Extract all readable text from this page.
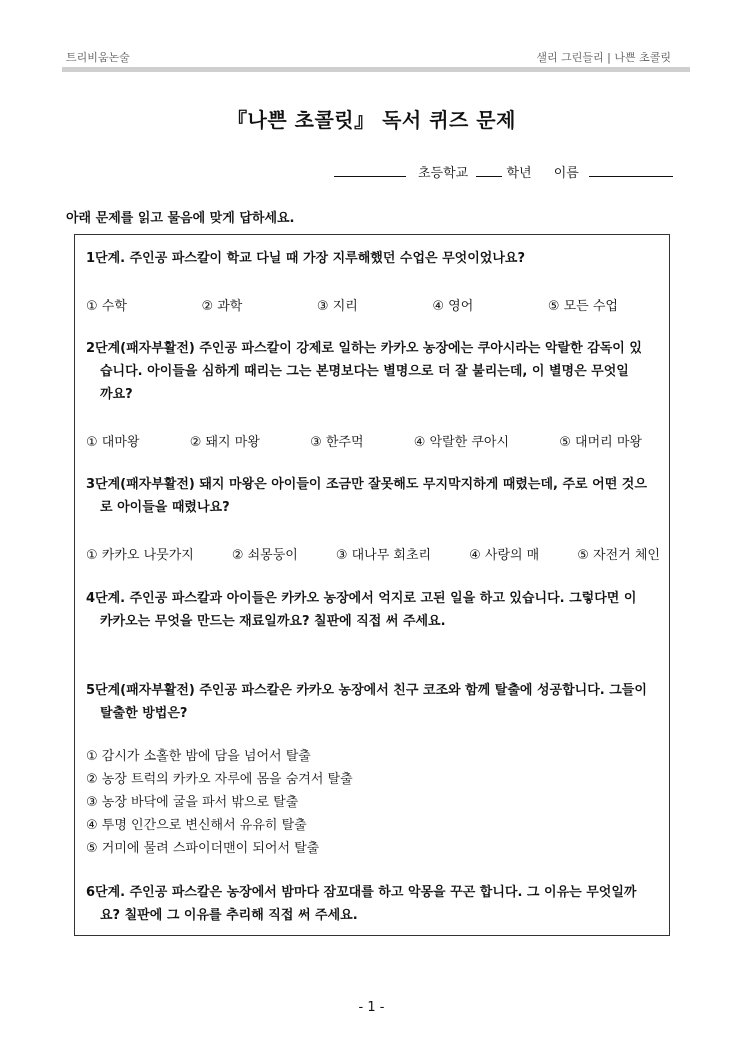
트리비움논술	샐리 그린들리 | 나쁜 초콜릿
『나쁜 초콜릿』 독서 퀴즈 문제
초등학교	학년 이름
아래 문제를 읽고 물음에 맞게 답하세요.
1단계. 주인공 파스칼이 학교 다닐 때 가장 지루해했던 수업은 무엇이었나요?
① 수학	② 과학	③ 지리	④ 영어	⑤ 모든 수업
2단계(패자부활전) 주인공 파스칼이 강제로 일하는 카카오 농장에는 쿠아시라는 악랄한 감독이 있
습니다. 아이들을 심하게 때리는 그는 본명보다는 별명으로 더 잘 불리는데, 이 별명은 무엇일
까요?
① 대마왕	② 돼지 마왕	③ 한주먹	④ 악랄한 쿠아시	⑤ 대머리 마왕
3단계(패자부활전) 돼지 마왕은 아이들이 조금만 잘못해도 무지막지하게 때렸는데, 주로 어떤 것으
로 아이들을 때렸나요?
① 카카오 나뭇가지	② 쇠몽둥이	③ 대나무 회초리	④ 사랑의 매	⑤ 자전거 체인
4단계. 주인공 파스칼과 아이들은 카카오 농장에서 억지로 고된 일을 하고 있습니다. 그렇다면 이
카카오는 무엇을 만드는 재료일까요? 칠판에 직접 써 주세요.
5단계(패자부활전) 주인공 파스칼은 카카오 농장에서 친구 코조와 함께 탈출에 성공합니다. 그들이
탈출한 방법은?
① 감시가 소홀한 밤에 담을 넘어서 탈출
② 농장 트럭의 카카오 자루에 몸을 숨겨서 탈출
③ 농장 바닥에 굴을 파서 밖으로 탈출
④ 투명 인간으로 변신해서 유유히 탈출
⑤ 거미에 물려 스파이더맨이 되어서 탈출
6단계. 주인공 파스칼은 농장에서 밤마다 잠꼬대를 하고 악몽을 꾸곤 합니다. 그 이유는 무엇일까
요? 칠판에 그 이유를 추리해 직접 써 주세요.
- 1 -
